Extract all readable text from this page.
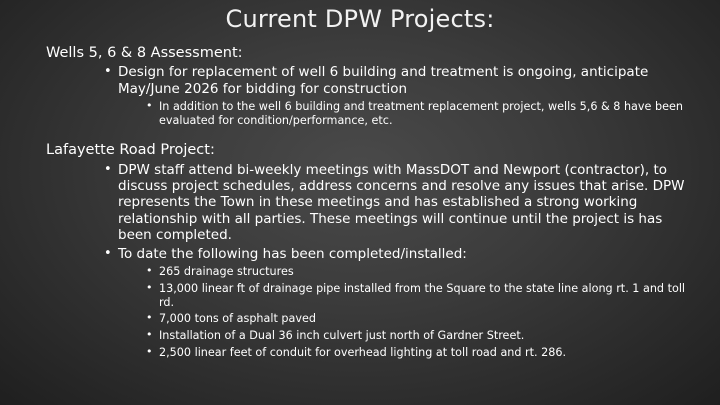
Current DPW Projects:
Wells 5, 6 & 8 Assessment:
• Design for replacement of well 6 building and treatment is ongoing, anticipate May/June 2026 for bidding for construction
• In addition to the well 6 building and treatment replacement project, wells 5,6 & 8 have been evaluated for condition/performance, etc.
Lafayette Road Project:
• DPW staff attend bi-weekly meetings with MassDOT and Newport (contractor), to discuss project schedules, address concerns and resolve any issues that arise. DPW represents the Town in these meetings and has established a strong working relationship with all parties. These meetings will continue until the project is has been completed.
• To date the following has been completed/installed:
• 265 drainage structures
• 13,000 linear ft of drainage pipe installed from the Square to the state line along rt. 1 and toll rd.
• 7,000 tons of asphalt paved
• Installation of a Dual 36 inch culvert just north of Gardner Street.
• 2,500 linear feet of conduit for overhead lighting at toll road and rt. 286.
